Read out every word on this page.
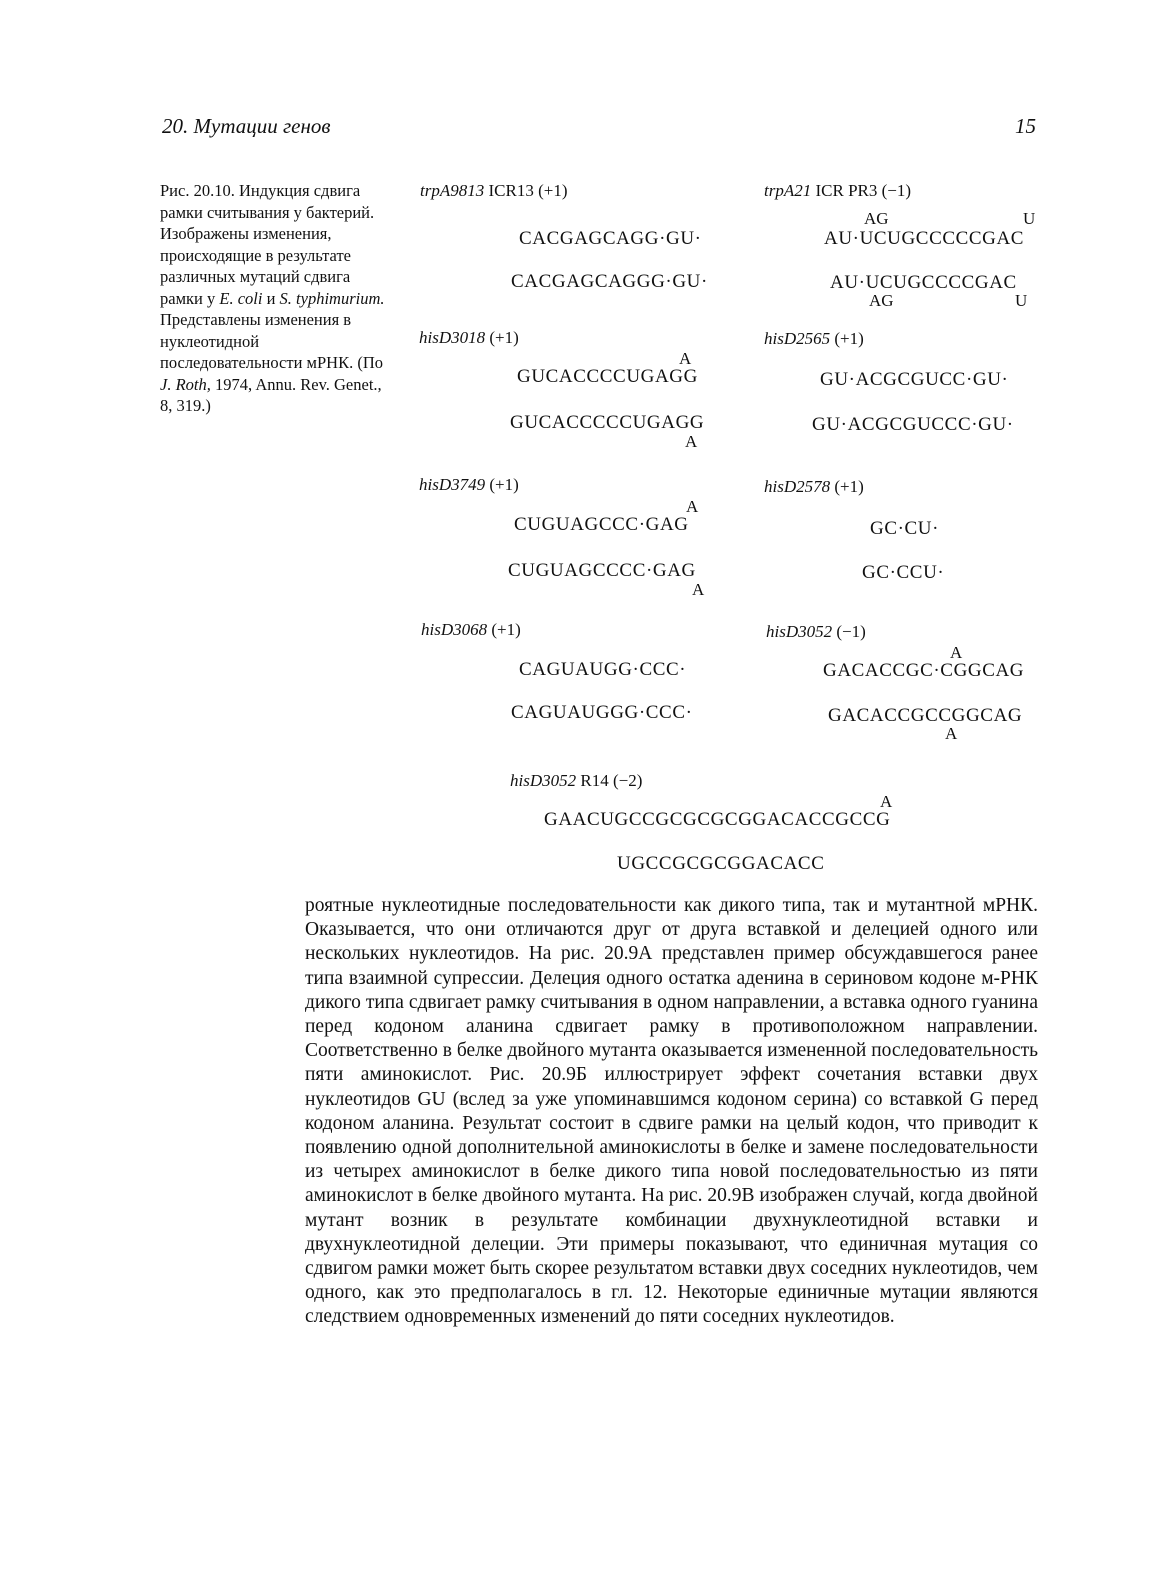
20. Мутации генов	15
Рис. 20.10. Индукция сдвига рамки считывания у бактерий. Изображены изменения, происходящие в результате различных мутаций сдвига рамки у E. coli и S. typhimurium. Представлены изменения в нуклеотидной последовательности мРНК. (По J. Roth, 1974, Annu. Rev. Genet., 8, 319.)
trpA9813 ICR13 (+1)
CACGAGCAGG·GU·
CACGAGCAGGG·GU·
trpA21 ICR PR3 (−1)
AG	U
AU·UCUGCCCCCGAC
AU·UCUGCCCCGAC
AG	U
hisD3018 (+1)
A
GUCACCCCUGAGG
GUCACCCCCUGAGG
A
hisD2565 (+1)
GU·ACGCGUCC·GU·
GU·ACGCGUCCC·GU·
hisD3749 (+1)
A
CUGUAGCCC·GAG
CUGUAGCCCC·GAG
A
hisD2578 (+1)
GC·CU·
GC·CCU·
hisD3068 (+1)
CAGUAUGG·CCC·
CAGUAUGGG·CCC·
hisD3052 (−1)
A
GACACCGC·CGGCAG
GACACCGCCGGCAG
A
hisD3052 R14 (−2)
A
GAACUGCCGCGCGCGGACACCGCCG
UGCCGCGCGGACACC
роятные нуклеотидные последовательности как дикого типа, так и мутантной мРНК. Оказывается, что они отличаются друг от друга вставкой и делецией одного или нескольких нуклеотидов. На рис. 20.9А представлен пример обсуждавшегося ранее типа взаимной супрессии. Делеция одного остатка аденина в сериновом кодоне м-РНК дикого типа сдвигает рамку считывания в одном направлении, а вставка одного гуанина перед кодоном аланина сдвигает рамку в противоположном направлении. Соответственно в белке двойного мутанта оказывается измененной последовательность пяти аминокислот. Рис. 20.9Б иллюстрирует эффект сочетания вставки двух нуклеотидов GU (вслед за уже упоминавшимся кодоном серина) со вставкой G перед кодоном аланина. Результат состоит в сдвиге рамки на целый кодон, что приводит к появлению одной дополнительной аминокислоты в белке и замене последовательности из четырех аминокислот в белке дикого типа новой последовательностью из пяти аминокислот в белке двойного мутанта. На рис. 20.9В изображен случай, когда двойной мутант возник в результате комбинации двухнуклеотидной вставки и двухнуклеотидной делеции. Эти примеры показывают, что единичная мутация со сдвигом рамки может быть скорее результатом вставки двух соседних нуклеотидов, чем одного, как это предполагалось в гл. 12. Некоторые единичные мутации являются следствием одновременных изменений до пяти соседних нуклеотидов.
